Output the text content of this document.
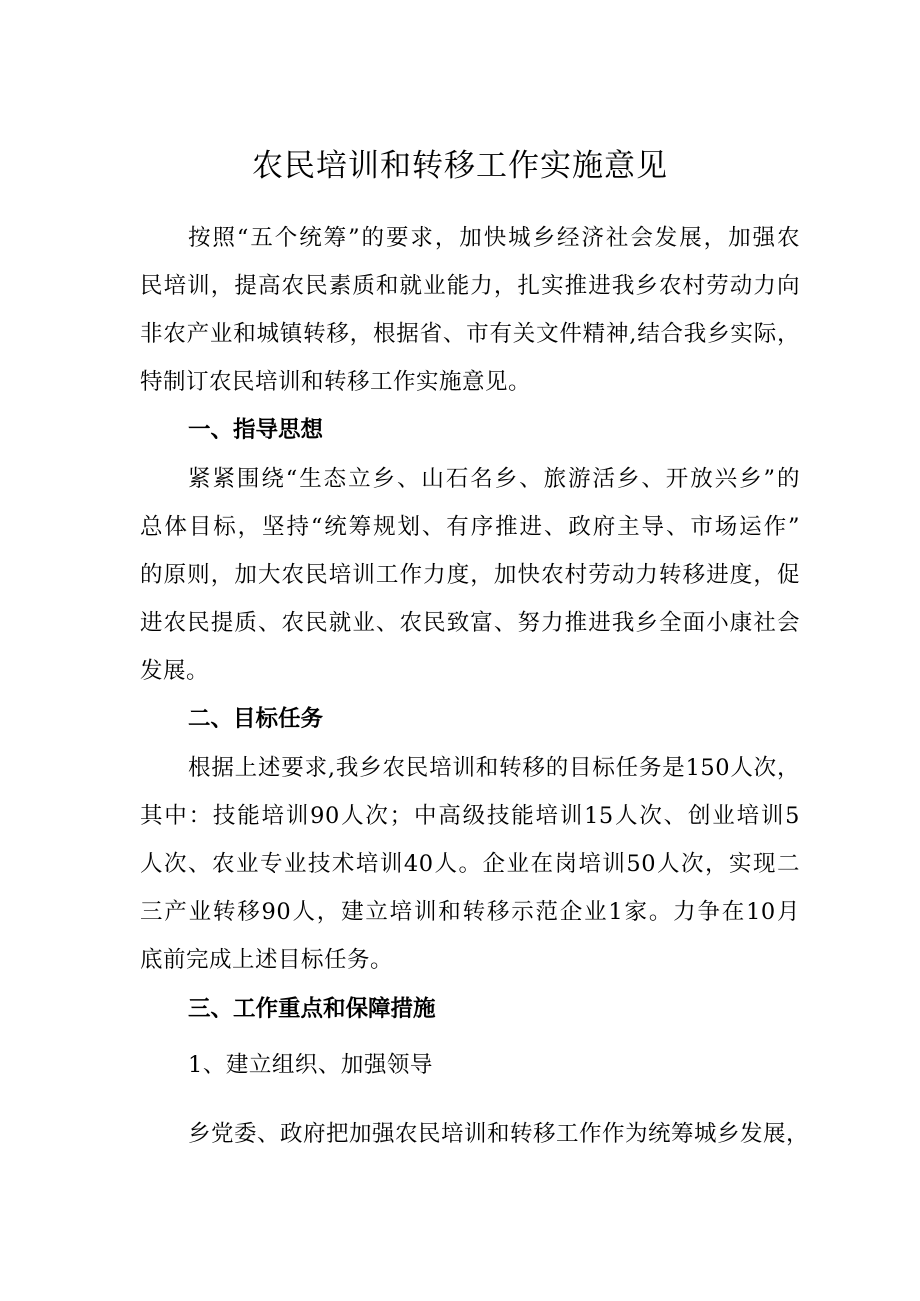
农民培训和转移工作实施意见
按照“五个统筹”的要求，加快城乡经济社会发展，加强农
民培训，提高农民素质和就业能力，扎实推进我乡农村劳动力向
非农产业和城镇转移，根据省、市有关文件精神,结合我乡实际，
特制订农民培训和转移工作实施意见。
一、指导思想
紧紧围绕“生态立乡、山石名乡、旅游活乡、开放兴乡”的
总体目标，坚持“统筹规划、有序推进、政府主导、市场运作”
的原则，加大农民培训工作力度，加快农村劳动力转移进度，促
进农民提质、农民就业、农民致富、努力推进我乡全面小康社会
发展。
二、目标任务
根据上述要求,我乡农民培训和转移的目标任务是150人次，
其中：技能培训90人次；中高级技能培训15人次、创业培训5
人次、农业专业技术培训40人。企业在岗培训50人次，实现二
三产业转移90人，建立培训和转移示范企业1家。力争在10月
底前完成上述目标任务。
三、工作重点和保障措施
1、建立组织、加强领导
乡党委、政府把加强农民培训和转移工作作为统筹城乡发展，
